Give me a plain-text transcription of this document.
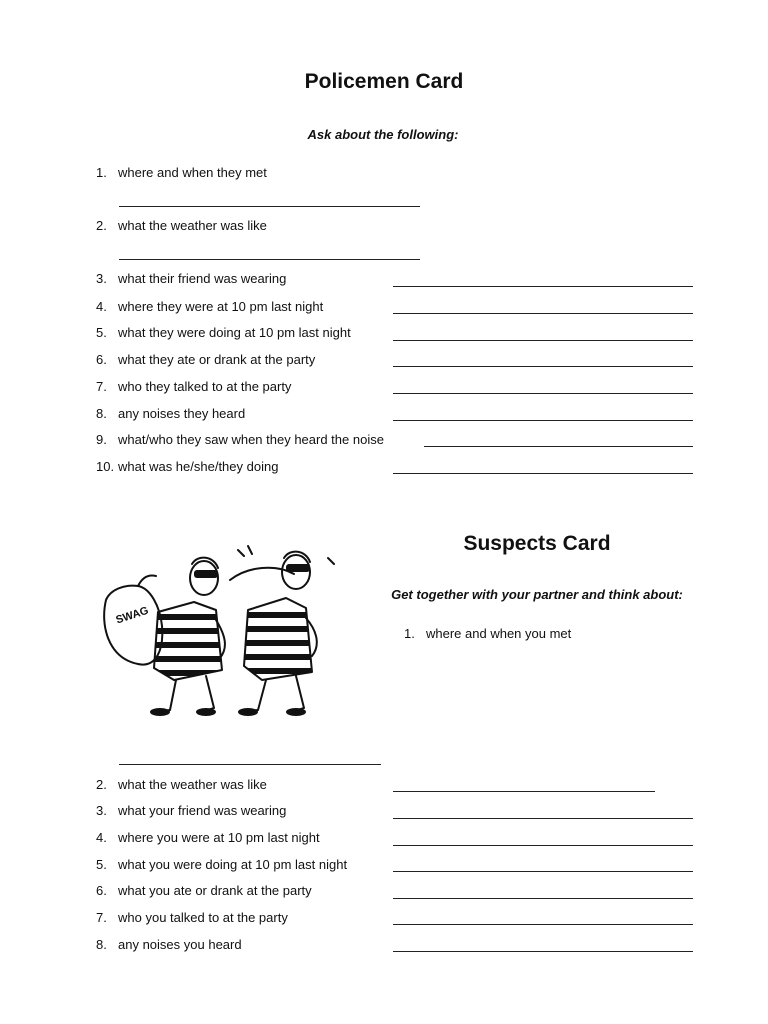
Policemen Card

Ask about the following:

1. where and when they met
2. what the weather was like
3. what their friend was wearing
4. where they were at 10 pm last night
5. what they were doing at 10 pm last night
6. what they ate or drank at the party
7. who they talked to at the party
8. any noises they heard
9. what/who they saw when they heard the noise
10. what was he/she/they doing
Suspects Card

Get together with your partner and think about:

SWAG
1. where and when you met
2. what the weather was like
3. what your friend was wearing
4. where you were at 10 pm last night
5. what you were doing at 10 pm last night
6. what you ate or drank at the party
7. who you talked to at the party
8. any noises you heard
